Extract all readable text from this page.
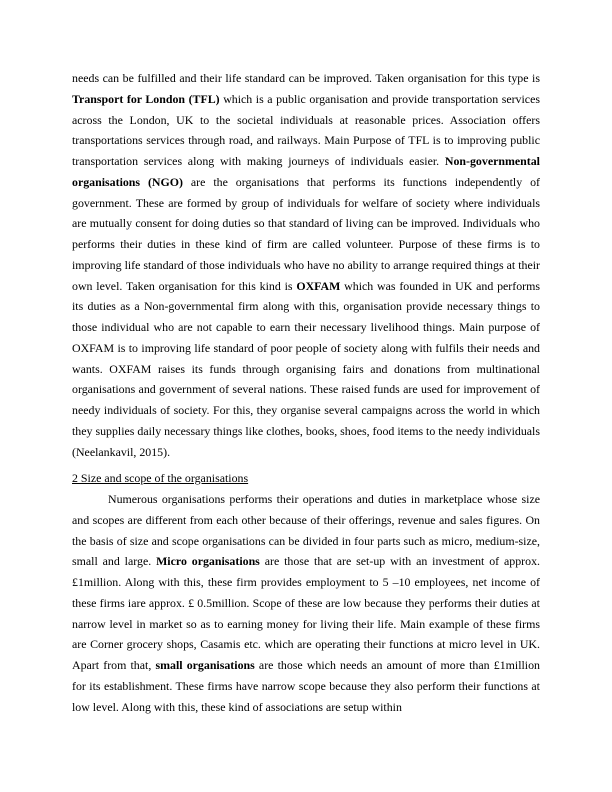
needs can be fulfilled and their life standard can be improved. Taken organisation for this type is Transport for London (TFL) which is a public organisation and provide transportation services across the London, UK to the societal individuals at reasonable prices. Association offers transportations services through road, and railways. Main Purpose of TFL is to improving public transportation services along with making journeys of individuals easier. Non-governmental organisations (NGO) are the organisations that performs its functions independently of government. These are formed by group of individuals for welfare of society where individuals are mutually consent for doing duties so that standard of living can be improved. Individuals who performs their duties in these kind of firm are called volunteer. Purpose of these firms is to improving life standard of those individuals who have no ability to arrange required things at their own level. Taken organisation for this kind is OXFAM which was founded in UK and performs its duties as a Non-governmental firm along with this, organisation provide necessary things to those individual who are not capable to earn their necessary livelihood things. Main purpose of OXFAM is to improving life standard of poor people of society along with fulfils their needs and wants. OXFAM raises its funds through organising fairs and donations from multinational organisations and government of several nations. These raised funds are used for improvement of needy individuals of society. For this, they organise several campaigns across the world in which they supplies daily necessary things like clothes, books, shoes, food items to the needy individuals (Neelankavil, 2015).

2 Size and scope of the organisations

Numerous organisations performs their operations and duties in marketplace whose size and scopes are different from each other because of their offerings, revenue and sales figures. On the basis of size and scope organisations can be divided in four parts such as micro, medium-size, small and large. Micro organisations are those that are set-up with an investment of approx. £1million. Along with this, these firm provides employment to 5 –10 employees, net income of these firms iare approx. £ 0.5million. Scope of these are low because they performs their duties at narrow level in market so as to earning money for living their life. Main example of these firms are Corner grocery shops, Casamis etc. which are operating their functions at micro level in UK. Apart from that, small organisations are those which needs an amount of more than £1million for its establishment. These firms have narrow scope because they also perform their functions at low level. Along with this, these kind of associations are setup within
